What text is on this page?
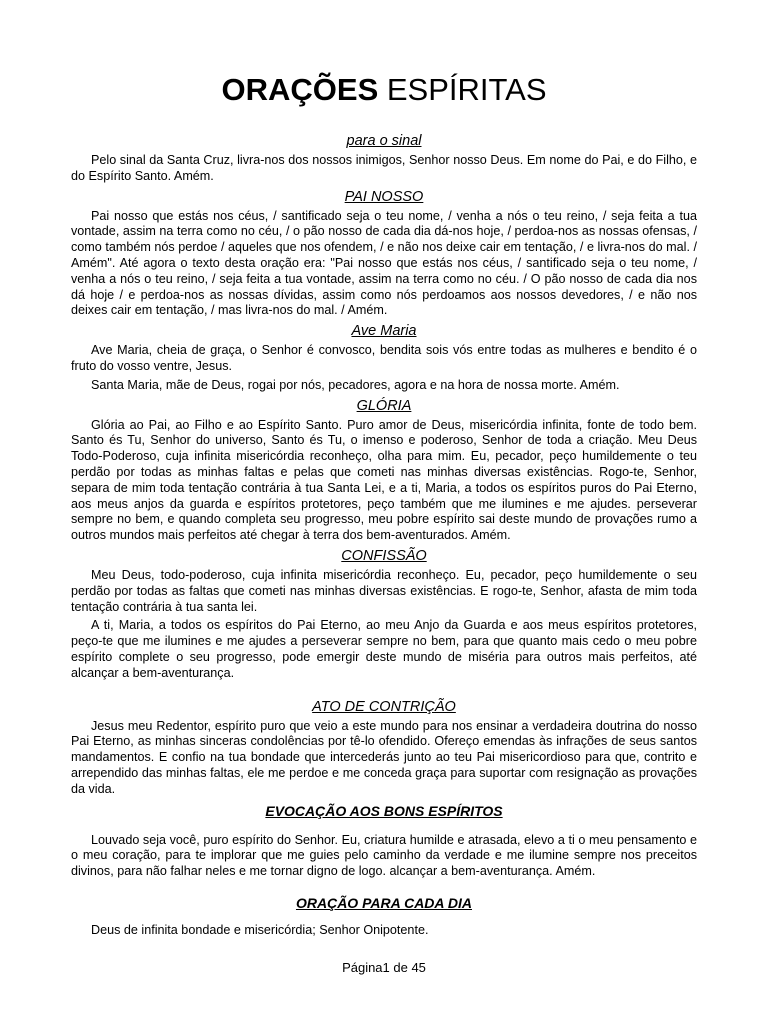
ORAÇÕES ESPÍRITAS
para o sinal

Pelo sinal da Santa Cruz, livra-nos dos nossos inimigos, Senhor nosso Deus. Em nome do Pai, e do Filho, e do Espírito Santo. Amém.

PAI NOSSO

Pai nosso que estás nos céus, / santificado seja o teu nome, / venha a nós o teu reino, / seja feita a tua vontade, assim na terra como no céu, / o pão nosso de cada dia dá-nos hoje, / perdoa-nos as nossas ofensas, / como também nós perdoe / aqueles que nos ofendem, / e não nos deixe cair em tentação, / e livra-nos do mal. / Amém". Até agora o texto desta oração era: "Pai nosso que estás nos céus, / santificado seja o teu nome, / venha a nós o teu reino, / seja feita a tua vontade, assim na terra como no céu. / O pão nosso de cada dia nos dá hoje / e perdoa-nos as nossas dívidas, assim como nós perdoamos aos nossos devedores, / e não nos deixes cair em tentação, / mas livra-nos do mal. / Amém.

Ave Maria

Ave Maria, cheia de graça, o Senhor é convosco, bendita sois vós entre todas as mulheres e bendito é o fruto do vosso ventre, Jesus.

Santa Maria, mãe de Deus, rogai por nós, pecadores, agora e na hora de nossa morte. Amém.

GLÓRIA

Glória ao Pai, ao Filho e ao Espírito Santo. Puro amor de Deus, misericórdia infinita, fonte de todo bem. Santo és Tu, Senhor do universo, Santo és Tu, o imenso e poderoso, Senhor de toda a criação. Meu Deus Todo-Poderoso, cuja infinita misericórdia reconheço, olha para mim. Eu, pecador, peço humildemente o teu perdão por todas as minhas faltas e pelas que cometi nas minhas diversas existências. Rogo-te, Senhor, separa de mim toda tentação contrária à tua Santa Lei, e a ti, Maria, a todos os espíritos puros do Pai Eterno, aos meus anjos da guarda e espíritos protetores, peço também que me ilumines e me ajudes. perseverar sempre no bem, e quando completa seu progresso, meu pobre espírito sai deste mundo de provações rumo a outros mundos mais perfeitos até chegar à terra dos bem-aventurados. Amém.

CONFISSÃO

Meu Deus, todo-poderoso, cuja infinita misericórdia reconheço. Eu, pecador, peço humildemente o seu perdão por todas as faltas que cometi nas minhas diversas existências. E rogo-te, Senhor, afasta de mim toda tentação contrária à tua santa lei.

A ti, Maria, a todos os espíritos do Pai Eterno, ao meu Anjo da Guarda e aos meus espíritos protetores, peço-te que me ilumines e me ajudes a perseverar sempre no bem, para que quanto mais cedo o meu pobre espírito complete o seu progresso, pode emergir deste mundo de miséria para outros mais perfeitos, até alcançar a bem-aventurança.

ATO DE CONTRIÇÃO

Jesus meu Redentor, espírito puro que veio a este mundo para nos ensinar a verdadeira doutrina do nosso Pai Eterno, as minhas sinceras condolências por tê-lo ofendido. Ofereço emendas às infrações de seus santos mandamentos. E confio na tua bondade que intercederás junto ao teu Pai misericordioso para que, contrito e arrependido das minhas faltas, ele me perdoe e me conceda graça para suportar com resignação as provações da vida.

EVOCAÇÃO AOS BONS ESPÍRITOS

Louvado seja você, puro espírito do Senhor. Eu, criatura humilde e atrasada, elevo a ti o meu pensamento e o meu coração, para te implorar que me guies pelo caminho da verdade e me ilumine sempre nos preceitos divinos, para não falhar neles e me tornar digno de logo. alcançar a bem-aventurança. Amém.

ORAÇÃO PARA CADA DIA

Deus de infinita bondade e misericórdia; Senhor Onipotente.

Página1 de 45
